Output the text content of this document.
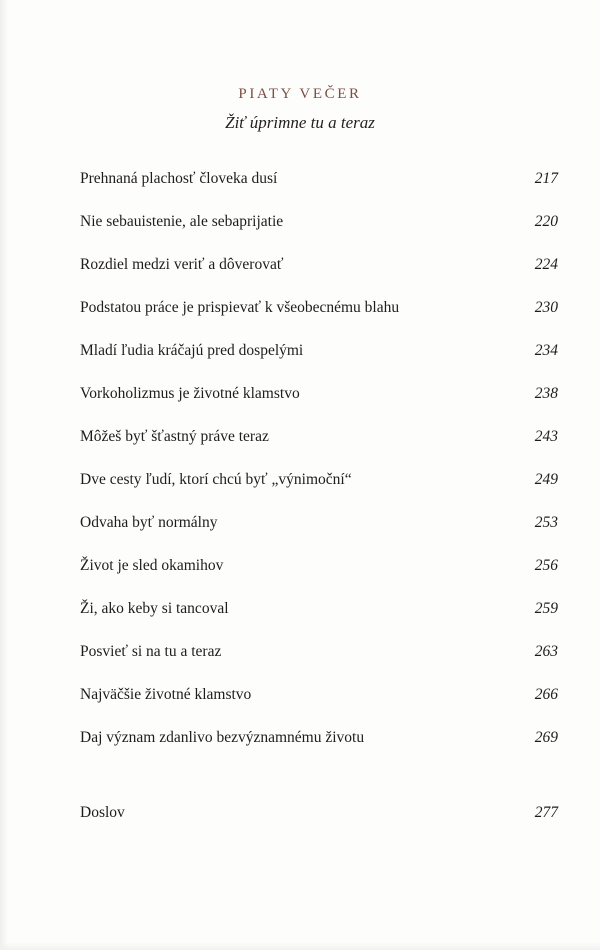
PIATY VEČER
Žiť úprimne tu a teraz
Prehnaná plachosť človeka dusí	217
Nie sebauistenie, ale sebaprijatie	220
Rozdiel medzi veriť a dôverovať	224
Podstatou práce je prispievať k všeobecnému blahu	230
Mladí ľudia kráčajú pred dospelými	234
Vorkoholizmus je životné klamstvo	238
Môžeš byť šťastný práve teraz	243
Dve cesty ľudí, ktorí chcú byť „výnimoční“	249
Odvaha byť normálny	253
Život je sled okamihov	256
Ži, ako keby si tancoval	259
Posvieť si na tu a teraz	263
Najväčšie životné klamstvo	266
Daj význam zdanlivo bezvýznamnému životu	269
Doslov	277
